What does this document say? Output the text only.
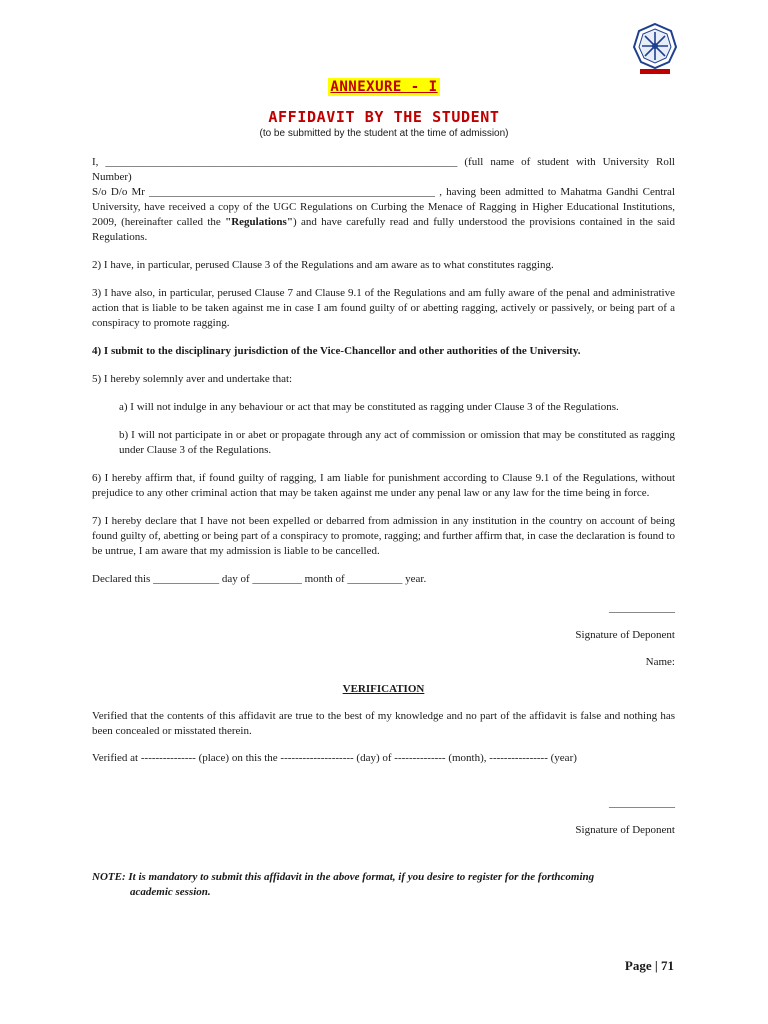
ANNEXURE - I
AFFIDAVIT BY THE STUDENT
(to be submitted by the student at the time of admission)

I, ________________________________________________________________ (full name of student with University Roll Number)
S/o D/o Mr ____________________________________________________ , having been admitted to Mahatma Gandhi Central University, have received a copy of the UGC Regulations on Curbing the Menace of Ragging in Higher Educational Institutions, 2009, (hereinafter called the "Regulations") and have carefully read and fully understood the provisions contained in the said Regulations.

2) I have, in particular, perused Clause 3 of the Regulations and am aware as to what constitutes ragging.

3) I have also, in particular, perused Clause 7 and Clause 9.1 of the Regulations and am fully aware of the penal and administrative action that is liable to be taken against me in case I am found guilty of or abetting ragging, actively or passively, or being part of a conspiracy to promote ragging.

4) I submit to the disciplinary jurisdiction of the Vice-Chancellor and other authorities of the University.

5) I hereby solemnly aver and undertake that:

a) I will not indulge in any behaviour or act that may be constituted as ragging under Clause 3 of the Regulations.

b) I will not participate in or abet or propagate through any act of commission or omission that may be constituted as ragging under Clause 3 of the Regulations.

6) I hereby affirm that, if found guilty of ragging, I am liable for punishment according to Clause 9.1 of the Regulations, without prejudice to any other criminal action that may be taken against me under any penal law or any law for the time being in force.

7) I hereby declare that I have not been expelled or debarred from admission in any institution in the country on account of being found guilty of, abetting or being part of a conspiracy to promote, ragging; and further affirm that, in case the declaration is found to be untrue, I am aware that my admission is liable to be cancelled.

Declared this ____________ day of _________ month of __________ year.

____________

Signature of Deponent

Name:

VERIFICATION

Verified that the contents of this affidavit are true to the best of my knowledge and no part of the affidavit is false and nothing has been concealed or misstated therein.

Verified at --------------- (place) on this the -------------------- (day) of -------------- (month), ---------------- (year)

____________

Signature of Deponent

NOTE: It is mandatory to submit this affidavit in the above format, if you desire to register for the forthcoming
academic session.

Page | 71
